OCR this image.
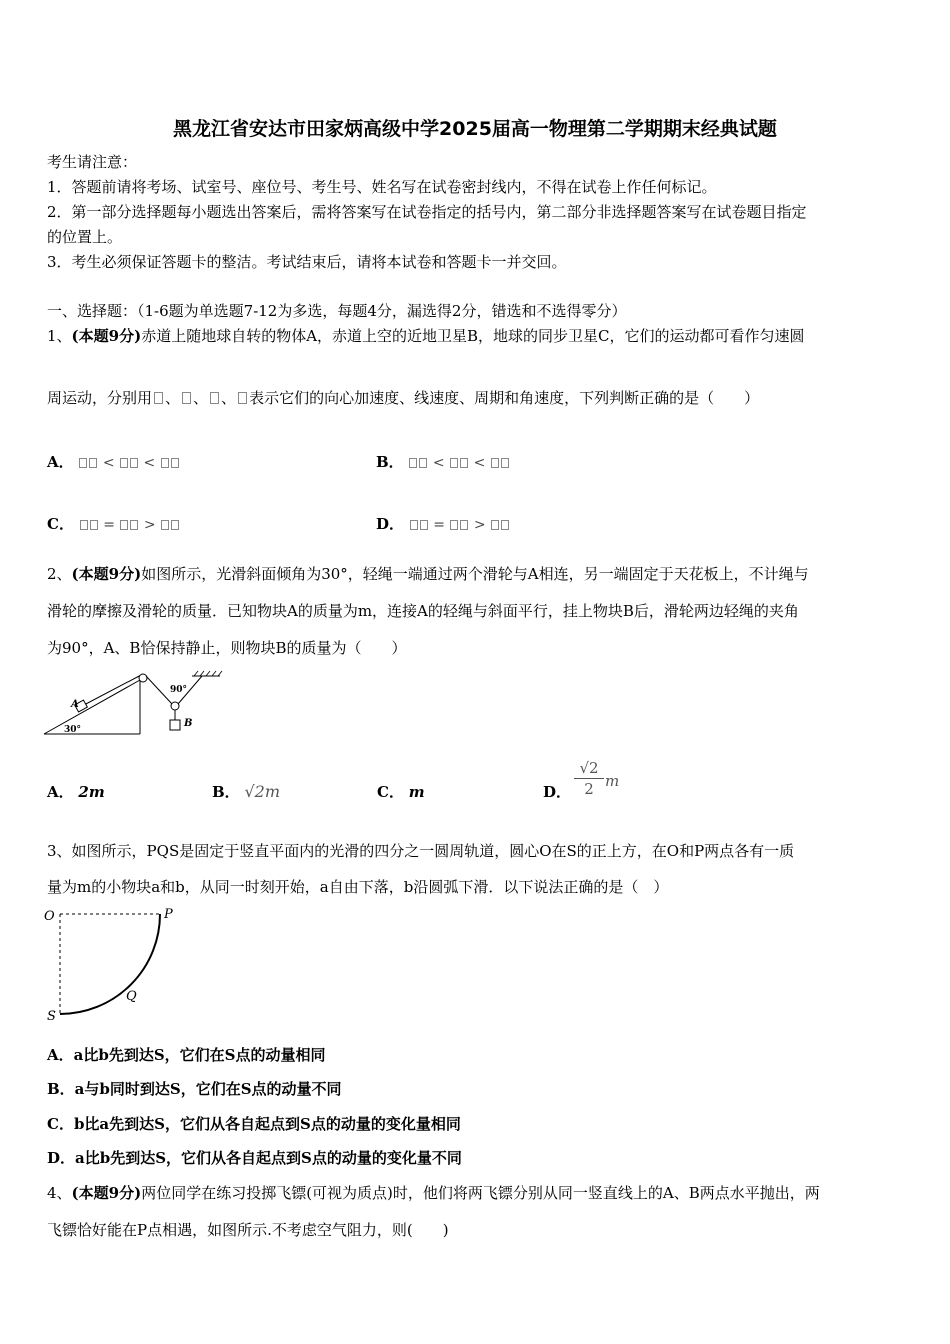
黑龙江省安达市田家炳高级中学2025届高一物理第二学期期末经典试题
考生请注意：
1．答题前请将考场、试室号、座位号、考生号、姓名写在试卷密封线内，不得在试卷上作任何标记。
2．第一部分选择题每小题选出答案后，需将答案写在试卷指定的括号内，第二部分非选择题答案写在试卷题目指定
的位置上。
3．考生必须保证答题卡的整洁。考试结束后，请将本试卷和答题卡一并交回。
一、选择题：（1-6题为单选题7-12为多选，每题4分，漏选得2分，错选和不选得零分）
1、(本题9分)赤道上随地球自转的物体A，赤道上空的近地卫星B，地球的同步卫星C，它们的运动都可看作匀速圆
周运动，分别用 、 、 、 表示它们的向心加速度、线速度、周期和角速度，下列判断正确的是（　　）
A． < <	B． < <
C． = >	D． = >
2、(本题9分)如图所示，光滑斜面倾角为30°，轻绳一端通过两个滑轮与A相连，另一端固定于天花板上，不计绳与
滑轮的摩擦及滑轮的质量．已知物块A的质量为m，连接A的轻绳与斜面平行，挂上物块B后，滑轮两边轻绳的夹角
为90°，A、B恰保持静止，则物块B的质量为（　　）
A
B
30°
90°
A． 2m	B． √2m	C． m	D．
√2
2 m
3、如图所示，PQS是固定于竖直平面内的光滑的四分之一圆周轨道，圆心O在S的正上方，在O和P两点各有一质
量为m的小物块a和b，从同一时刻开始，a自由下落，b沿圆弧下滑．以下说法正确的是（　）
O	P
Q
S
A．a比b先到达S，它们在S点的动量相同
B．a与b同时到达S，它们在S点的动量不同
C．b比a先到达S，它们从各自起点到S点的动量的变化量相同
D．a比b先到达S，它们从各自起点到S点的动量的变化量不同
4、(本题9分)两位同学在练习投掷飞镖(可视为质点)时，他们将两飞镖分别从同一竖直线上的A、B两点水平抛出，两
飞镖恰好能在P点相遇，如图所示.不考虑空气阻力，则(　　)
